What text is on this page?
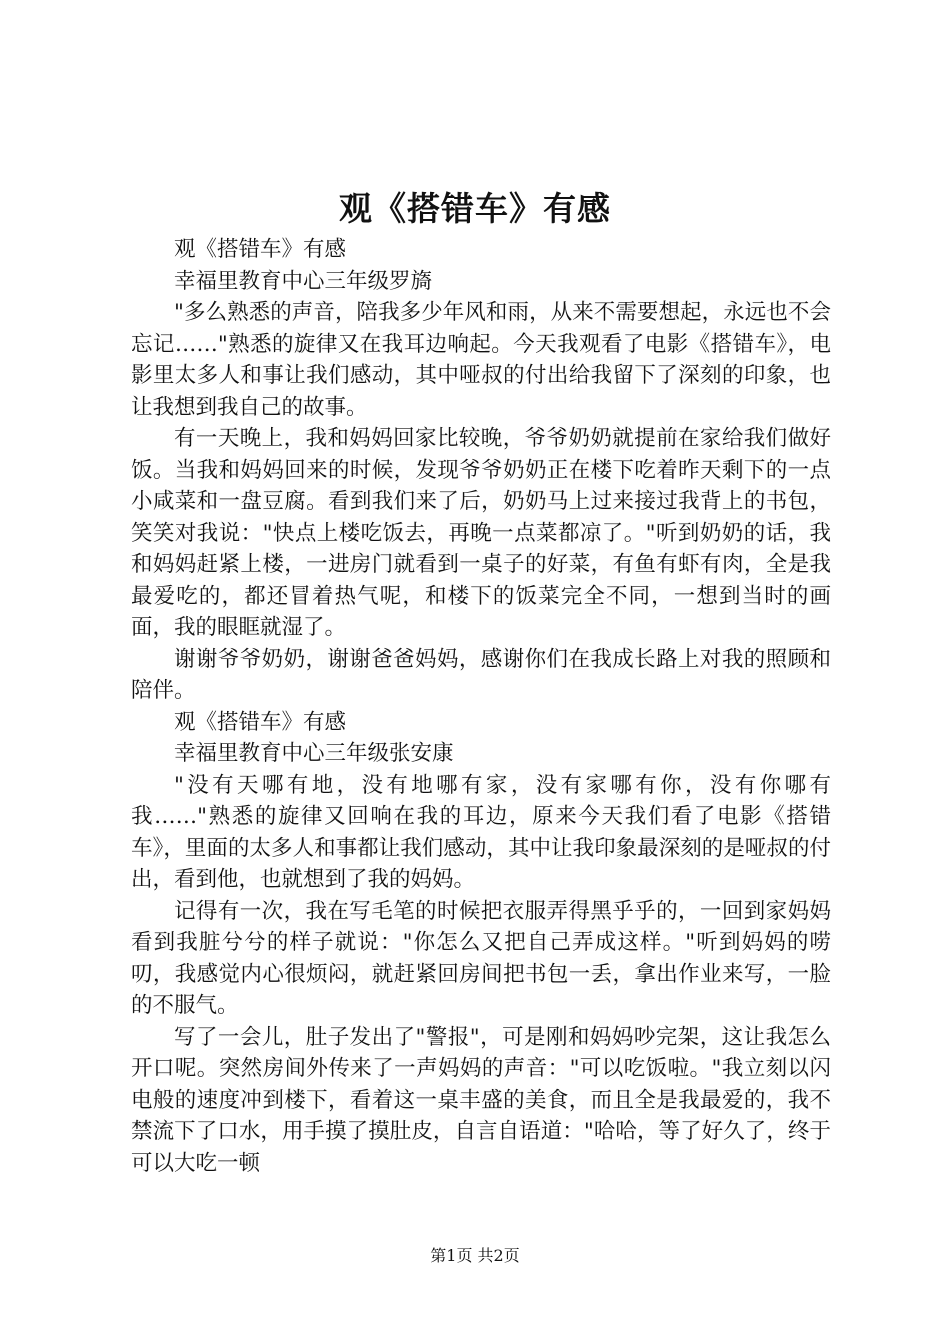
观《搭错车》有感

观《搭错车》有感

幸福里教育中心三年级罗旖

"多么熟悉的声音，陪我多少年风和雨，从来不需要想起，永远也不会忘记……"熟悉的旋律又在我耳边响起。今天我观看了电影《搭错车》，电影里太多人和事让我们感动，其中哑叔的付出给我留下了深刻的印象，也让我想到我自己的故事。

有一天晚上，我和妈妈回家比较晚，爷爷奶奶就提前在家给我们做好饭。当我和妈妈回来的时候，发现爷爷奶奶正在楼下吃着昨天剩下的一点小咸菜和一盘豆腐。看到我们来了后，奶奶马上过来接过我背上的书包，笑笑对我说："快点上楼吃饭去，再晚一点菜都凉了。"听到奶奶的话，我和妈妈赶紧上楼，一进房门就看到一桌子的好菜，有鱼有虾有肉，全是我最爱吃的，都还冒着热气呢，和楼下的饭菜完全不同，一想到当时的画面，我的眼眶就湿了。

谢谢爷爷奶奶，谢谢爸爸妈妈，感谢你们在我成长路上对我的照顾和陪伴。

观《搭错车》有感

幸福里教育中心三年级张安康

"没有天哪有地，没有地哪有家，没有家哪有你，没有你哪有我……"熟悉的旋律又回响在我的耳边，原来今天我们看了电影《搭错车》，里面的太多人和事都让我们感动，其中让我印象最深刻的是哑叔的付出，看到他，也就想到了我的妈妈。

记得有一次，我在写毛笔的时候把衣服弄得黑乎乎的，一回到家妈妈看到我脏兮兮的样子就说："你怎么又把自己弄成这样。"听到妈妈的唠叨，我感觉内心很烦闷，就赶紧回房间把书包一丢，拿出作业来写，一脸的不服气。

写了一会儿，肚子发出了"警报"，可是刚和妈妈吵完架，这让我怎么开口呢。突然房间外传来了一声妈妈的声音："可以吃饭啦。"我立刻以闪电般的速度冲到楼下，看着这一桌丰盛的美食，而且全是我最爱的，我不禁流下了口水，用手摸了摸肚皮，自言自语道："哈哈，等了好久了，终于可以大吃一顿

第1页 共2页
